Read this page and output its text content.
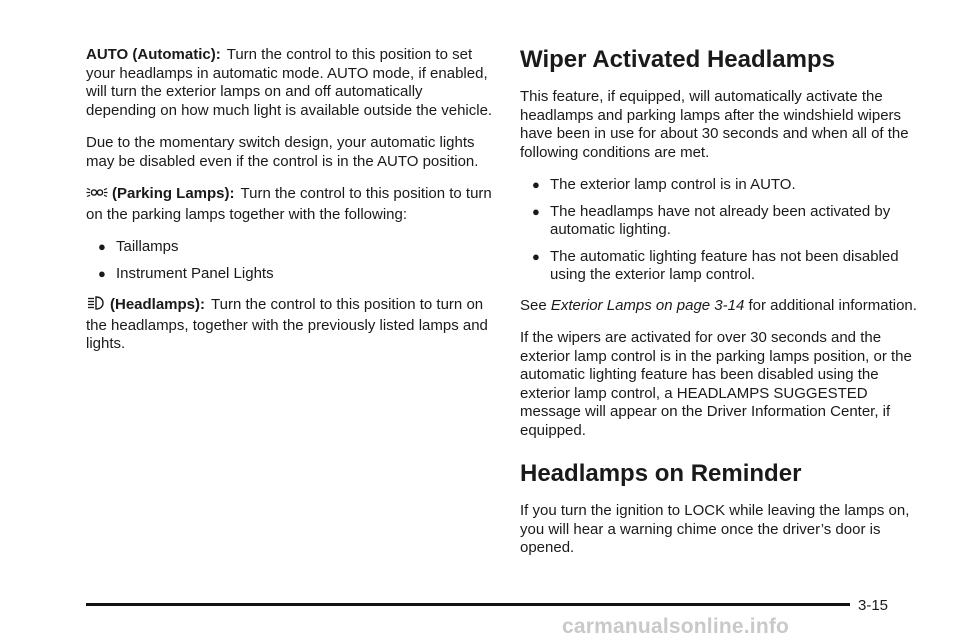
AUTO (Automatic): Turn the control to this position to set your headlamps in automatic mode. AUTO mode, if enabled, will turn the exterior lamps on and off automatically depending on how much light is available outside the vehicle.

Due to the momentary switch design, your automatic lights may be disabled even if the control is in the AUTO position.

(Parking Lamps): Turn the control to this position to turn on the parking lamps together with the following:

● Taillamps
● Instrument Panel Lights

(Headlamps): Turn the control to this position to turn on the headlamps, together with the previously listed lamps and lights.

Wiper Activated Headlamps

This feature, if equipped, will automatically activate the headlamps and parking lamps after the windshield wipers have been in use for about 30 seconds and when all of the following conditions are met.

● The exterior lamp control is in AUTO.
● The headlamps have not already been activated by automatic lighting.
● The automatic lighting feature has not been disabled using the exterior lamp control.

See Exterior Lamps on page 3-14 for additional information.

If the wipers are activated for over 30 seconds and the exterior lamp control is in the parking lamps position, or the automatic lighting feature has been disabled using the exterior lamp control, a HEADLAMPS SUGGESTED message will appear on the Driver Information Center, if equipped.

Headlamps on Reminder

If you turn the ignition to LOCK while leaving the lamps on, you will hear a warning chime once the driver’s door is opened.

3-15
carmanualsonline.info
